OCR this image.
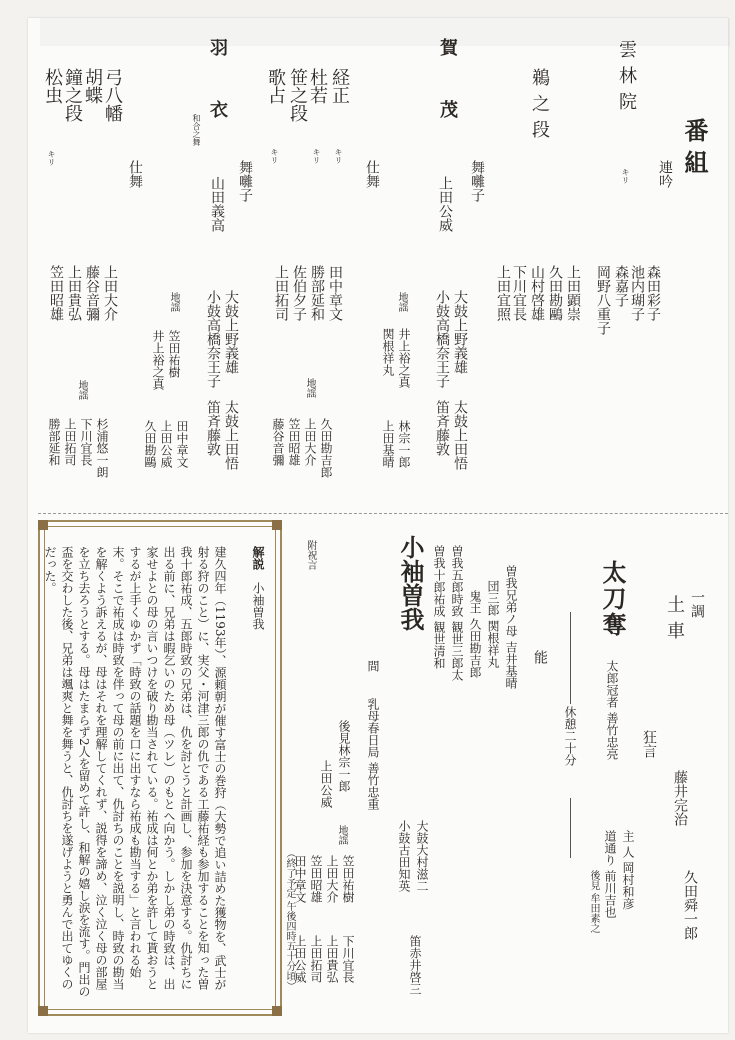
番組
連吟
雲林院
キリ
森田彩子
池内瑚子
森嘉子
岡野八重子
鵜之段
上田顕崇
久田勘鷗
山村啓雄
下川宜長
上田宜照
賀茂
舞囃子
上田公威
大鼓上野義雄
小鼓高橋奈王子
太鼓上田悟
笛斉藤敦
地謡
井上裕之真
関根祥丸
林宗一郎
上田基晴
仕舞
経正
キリ
杜若
キリ
笹之段
歌占
キリ
田中章文
勝部延和
佐伯夕子
上田拓司
地謡
久田勘吉郎
上田大介
笠田昭雄
藤谷音彌
羽衣
和合之舞
舞囃子
山田義高
大鼓上野義雄
小鼓高橋奈王子
太鼓上田悟
笛斉藤敦
地謡
笠田祐樹
井上裕之真
田中章文
上田公威
久田勘鷗
仕舞
弓八幡
胡蝶
鐘之段
松虫
キリ
上田大介
藤谷音彌
上田貴弘
笠田昭雄
地謡
杉浦悠一朗
下川宜長
上田拓司
勝部延和
一調
土車
藤井完治
久田舜一郎
狂言
太刀奪
太郎冠者 善竹忠亮
主 人 岡村和彦
道通り 前川吉也
後見 牟田素之
休憩二十分
能
曽我兄弟ノ母 吉井基晴
団三郎 関根祥丸
鬼王 久田勘吉郎
曽我五郎時致 観世三郎太
曽我十郎祐成 観世清和
小袖曽我
乳母春日局 善竹忠重
間
大鼓大村滋二
小鼓古田知英
笛赤井啓三
附祝言
後見林宗一郎
上田公威
地謡
笠田祐樹
上田大介
笠田昭雄
田中章文
下川宜長
上田貴弘
上田拓司
上田公威
（終了予定 午後四時五十分頃）
解説
小袖曽我
建久四年（1193年）、源頼朝が催す富士の巻狩（大勢で追い詰めた獲物を、武士が射る狩のこと）に、実父・河津三郎の仇である工藤祐経も参加することを知った曽我十郎祐成、五郎時致の兄弟は、仇を討とうと計画し、参加を決意する。仇討ちに出る前に、兄弟は暇乞いのため母（ツレ）のもとへ向かう。しかし弟の時致は、出家せよとの母の言いつけを破り勘当されている。祐成は何とか弟を許して貰おうとするが上手くゆかず「時致の話題を口に出すなら祐成も勘当する」と言われる始末。そこで祐成は時致を伴って母の前に出て、仇討ちのことを説明し、時致の勘当を解くよう訴えるが、母はそれを理解してくれず、説得を諦め、泣く泣く母の部屋を立ち去ろうとする。母はたまらず2人を留めて許し、和解の嬉し涙を流す。門出の盃を交わした後、兄弟は颯爽と舞を舞うと、仇討ちを遂げようと勇んで出てゆくのだった。
